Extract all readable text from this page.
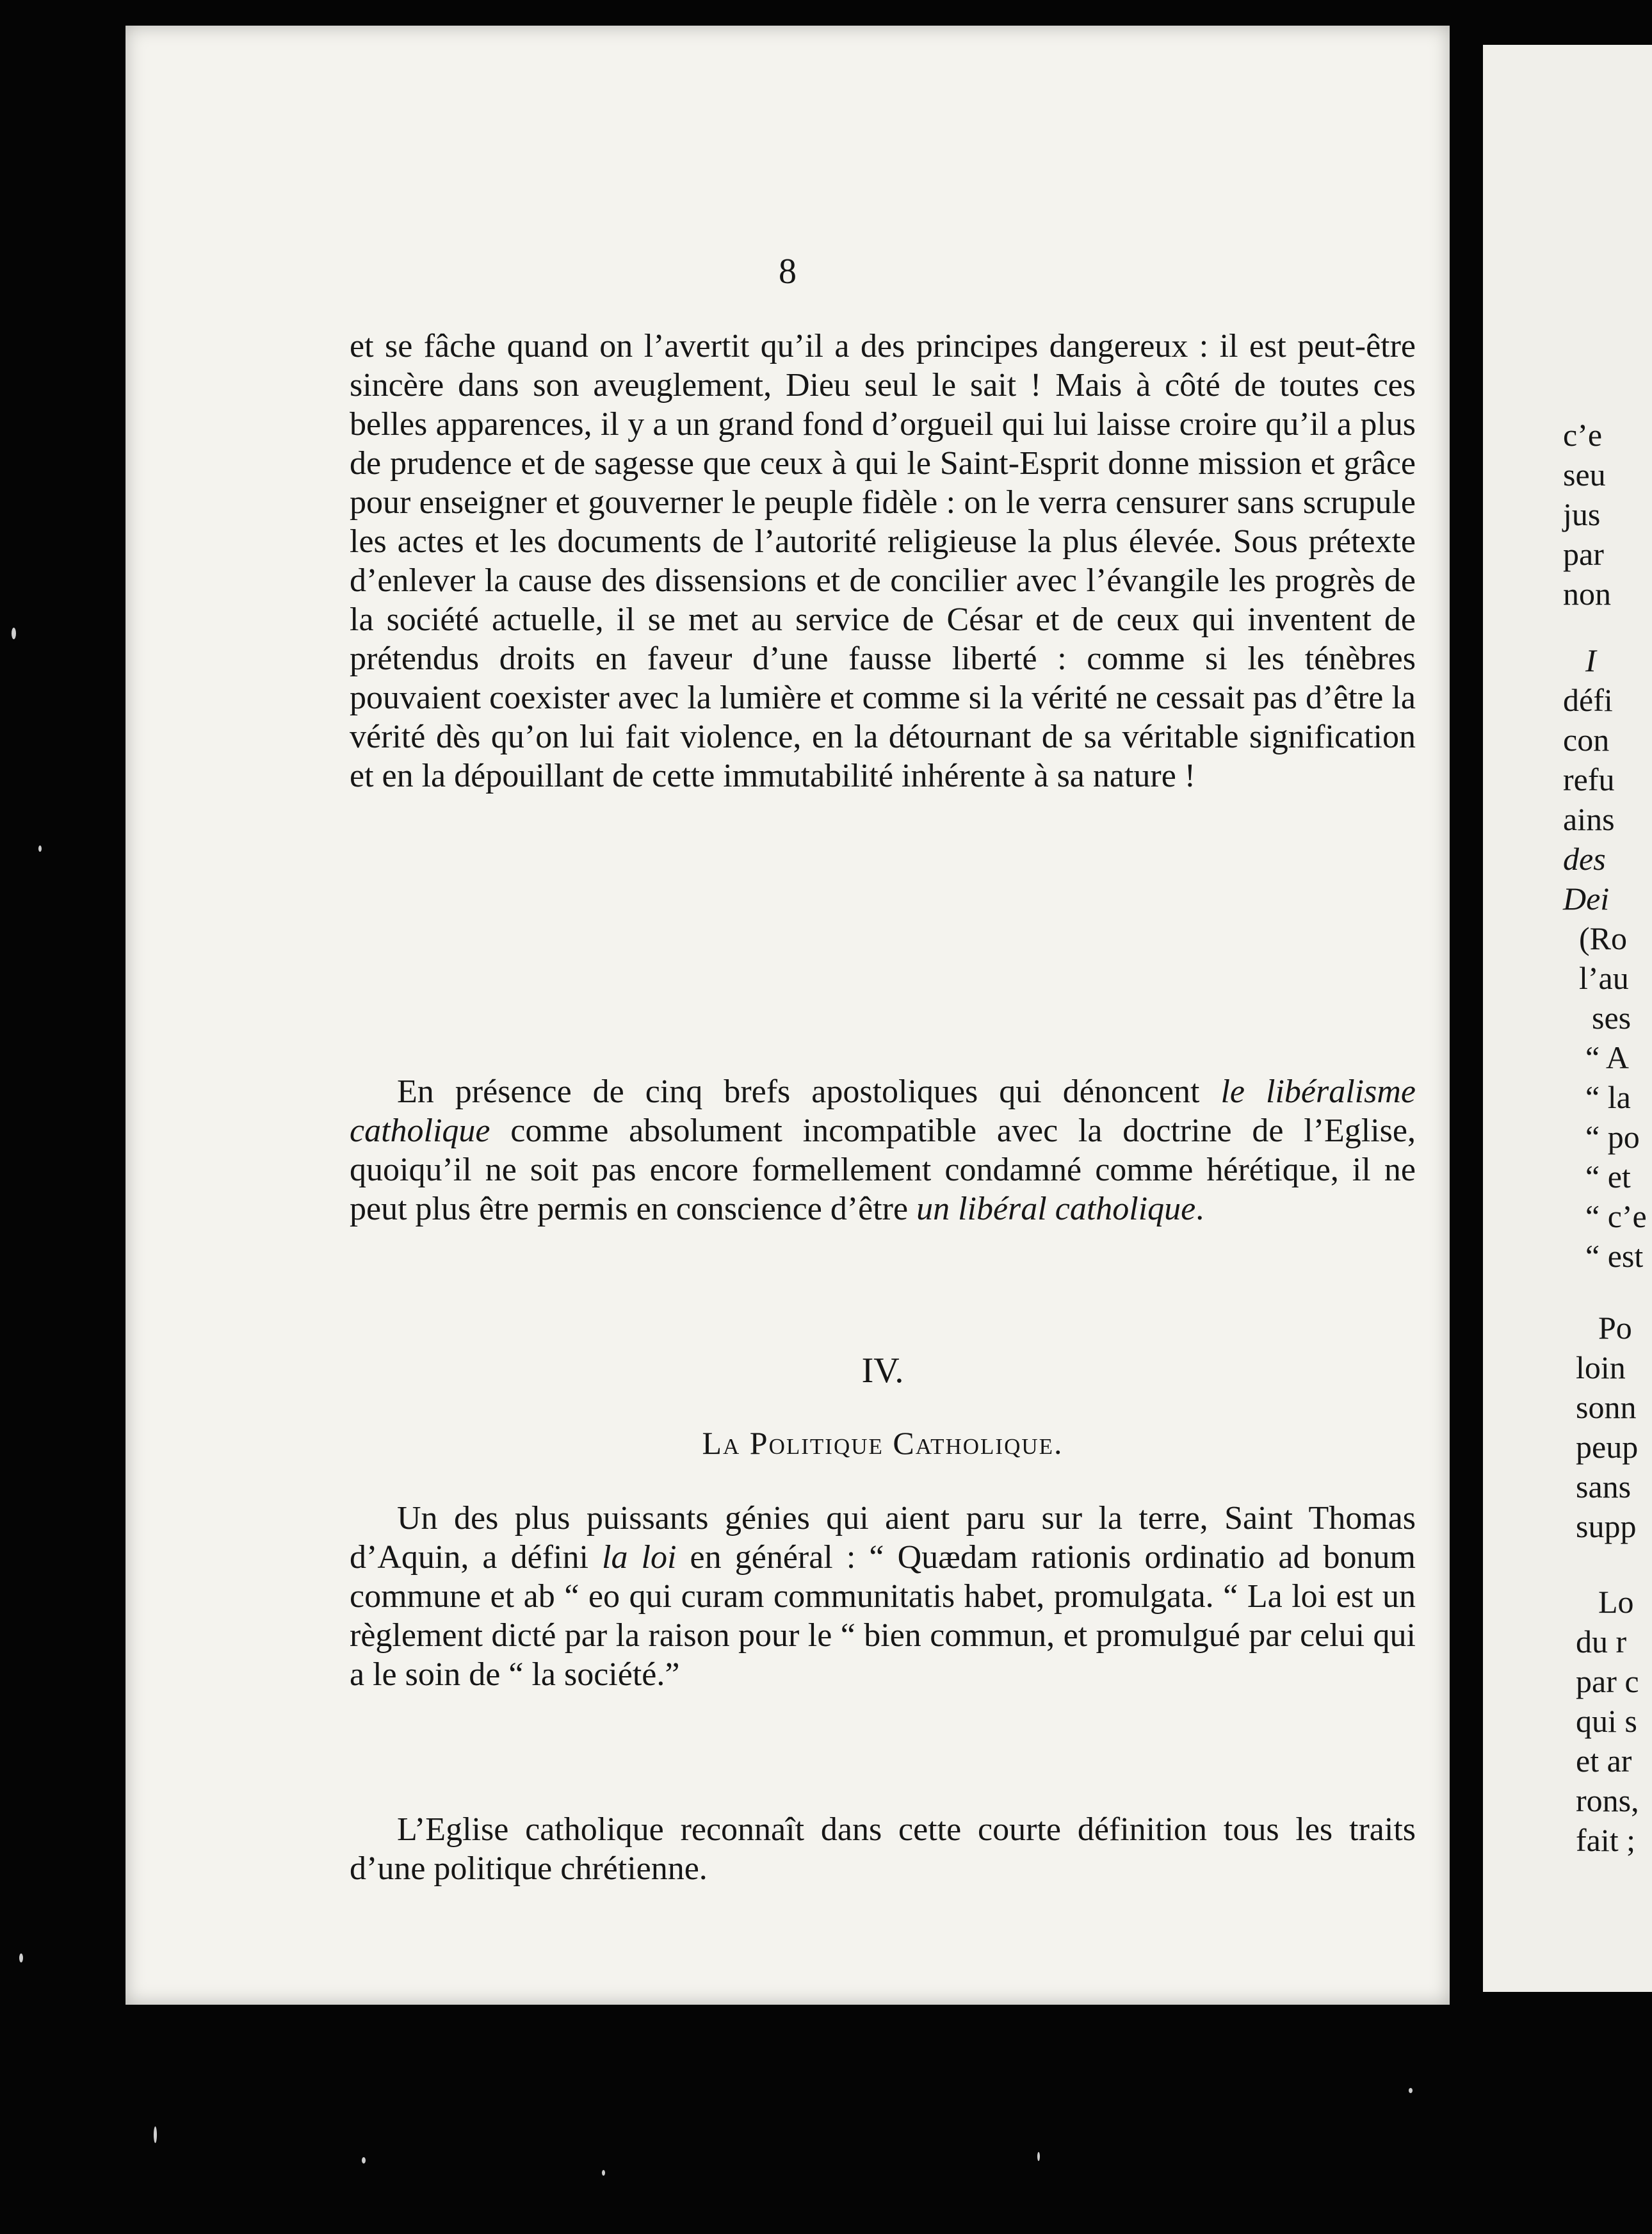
8

et se fâche quand on l’avertit qu’il a des principes dangereux : il est peut-être sincère dans son aveuglement, Dieu seul le sait ! Mais à côté de toutes ces belles apparences, il y a un grand fond d’orgueil qui lui laisse croire qu’il a plus de prudence et de sagesse que ceux à qui le Saint-Esprit donne mission et grâce pour enseigner et gouverner le peuple fidèle : on le verra censurer sans scrupule les actes et les documents de l’autorité religieuse la plus élevée. Sous prétexte d’enlever la cause des dissensions et de concilier avec l’évangile les progrès de la société actuelle, il se met au service de César et de ceux qui inventent de prétendus droits en faveur d’une fausse liberté : comme si les ténèbres pouvaient coexister avec la lumière et comme si la vérité ne cessait pas d’être la vérité dès qu’on lui fait violence, en la détournant de sa véritable signification et en la dépouillant de cette immutabilité inhérente à sa nature !

En présence de cinq brefs apostoliques qui dénoncent le libéralisme catholique comme absolument incompatible avec la doctrine de l’Eglise, quoiqu’il ne soit pas encore formellement condamné comme hérétique, il ne peut plus être permis en conscience d’être un libéral catholique.

IV.
La Politique Catholique.

Un des plus puissants génies qui aient paru sur la terre, Saint Thomas d’Aquin, a défini la loi en général : “ Quædam rationis ordinatio ad bonum commune et ab “ eo qui curam communitatis habet, promulgata. “ La loi est un règlement dicté par la raison pour le “ bien commun, et promulgué par celui qui a le soin de “ la société.”

L’Eglise catholique reconnaît dans cette courte définition tous les traits d’une politique chrétienne.

c’e
seu
jus
par
non
I
défi
con
refu
ains
des
Dei
(Ro
l’au
ses
“ A
“ la
“ po
“ et
“ c’e
“ est
Po
loin
sonn
peup
sans
supp
Lo
du r
par c
qui s
et ar
rons,
fait ;
